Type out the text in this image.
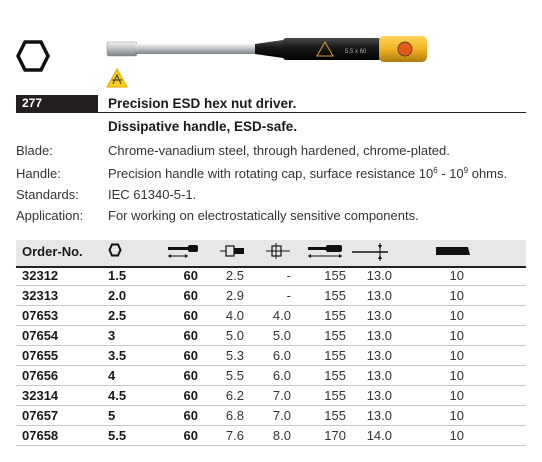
5,5 x 60
277	Precision ESD hex nut driver.
Dissipative handle, ESD-safe.
Blade:	Chrome-vanadium steel, through hardened, chrome-plated.
Handle:	Precision handle with rotating cap, surface resistance $10^6 - 10^9$ ohms.
Standards: IEC 61340-5-1.
Application: For working on electrostatically sensitive components.
Order-No.
32312	1.5	60	2.5	-	155	13.0	10
32313	2.0	60	2.9	-	155	13.0	10
07653	2.5	60	4.0	4.0	155	13.0	10
07654	3	60	5.0	5.0	155	13.0	10
07655	3.5	60	5.3	6.0	155	13.0	10
07656	4	60	5.5	6.0	155	13.0	10
32314	4.5	60	6.2	7.0	155	13.0	10
07657	5	60	6.8	7.0	155	13.0	10
07658	5.5	60	7.6	8.0	170	14.0	10
